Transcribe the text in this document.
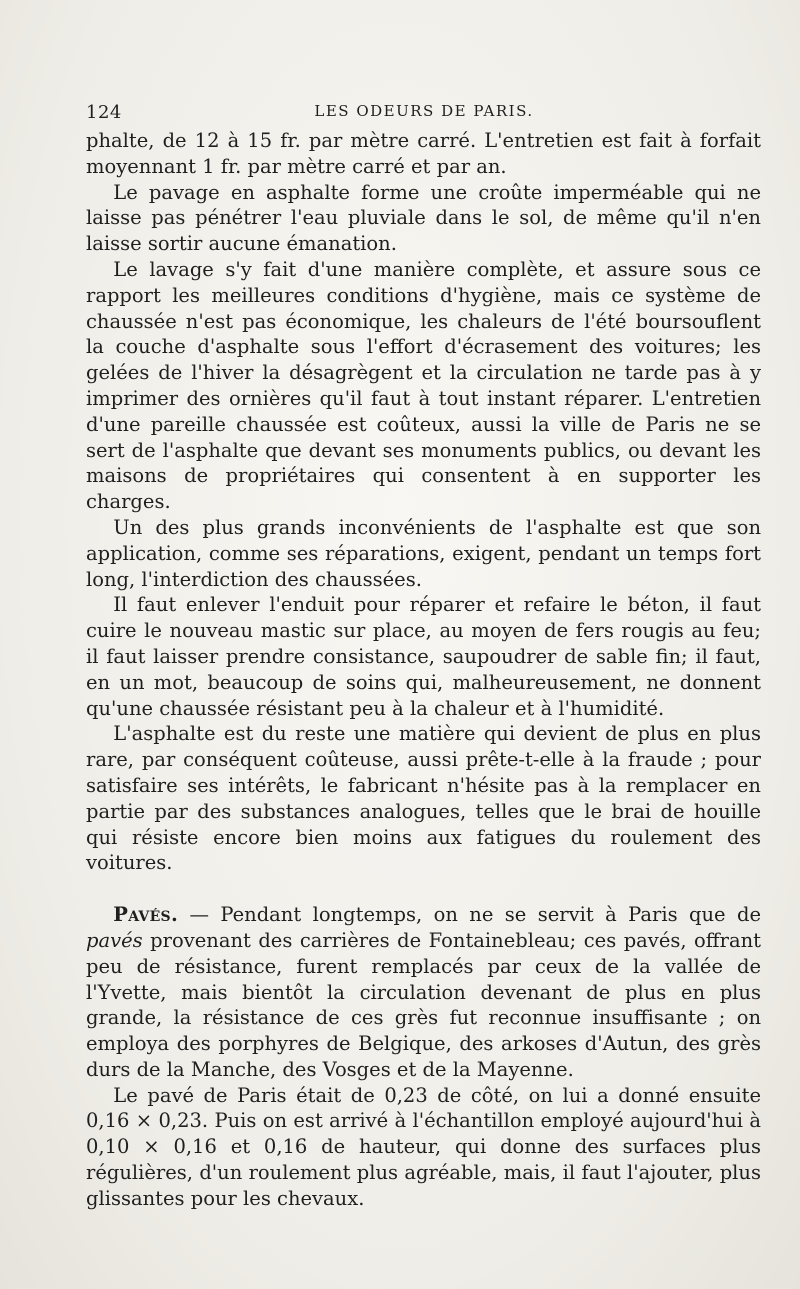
124	LES ODEURS DE PARIS.

phalte, de 12 à 15 fr. par mètre carré. L'entretien est fait à forfait moyennant 1 fr. par mètre carré et par an.

Le pavage en asphalte forme une croûte imperméable qui ne laisse pas pénétrer l'eau pluviale dans le sol, de même qu'il n'en laisse sortir aucune émanation.

Le lavage s'y fait d'une manière complète, et assure sous ce rapport les meilleures conditions d'hygiène, mais ce système de chaussée n'est pas économique, les chaleurs de l'été boursouflent la couche d'asphalte sous l'effort d'écrasement des voitures; les gelées de l'hiver la désagrègent et la circulation ne tarde pas à y imprimer des ornières qu'il faut à tout instant réparer. L'entretien d'une pareille chaussée est coûteux, aussi la ville de Paris ne se sert de l'asphalte que devant ses monuments publics, ou devant les maisons de propriétaires qui consentent à en supporter les charges.

Un des plus grands inconvénients de l'asphalte est que son application, comme ses réparations, exigent, pendant un temps fort long, l'interdiction des chaussées.

Il faut enlever l'enduit pour réparer et refaire le béton, il faut cuire le nouveau mastic sur place, au moyen de fers rougis au feu; il faut laisser prendre consistance, saupoudrer de sable fin; il faut, en un mot, beaucoup de soins qui, malheureusement, ne donnent qu'une chaussée résistant peu à la chaleur et à l'humidité.

L'asphalte est du reste une matière qui devient de plus en plus rare, par conséquent coûteuse, aussi prête-t-elle à la fraude ; pour satisfaire ses intérêts, le fabricant n'hésite pas à la remplacer en partie par des substances analogues, telles que le brai de houille qui résiste encore bien moins aux fatigues du roulement des voitures.

Pavés. — Pendant longtemps, on ne se servit à Paris que de pavés provenant des carrières de Fontainebleau; ces pavés, offrant peu de résistance, furent remplacés par ceux de la vallée de l'Yvette, mais bientôt la circulation devenant de plus en plus grande, la résistance de ces grès fut reconnue insuffisante ; on employa des porphyres de Belgique, des arkoses d'Autun, des grès durs de la Manche, des Vosges et de la Mayenne.

Le pavé de Paris était de 0,23 de côté, on lui a donné ensuite 0,16 × 0,23. Puis on est arrivé à l'échantillon employé aujourd'hui à 0,10 × 0,16 et 0,16 de hauteur, qui donne des surfaces plus régulières, d'un roulement plus agréable, mais, il faut l'ajouter, plus glissantes pour les chevaux.
